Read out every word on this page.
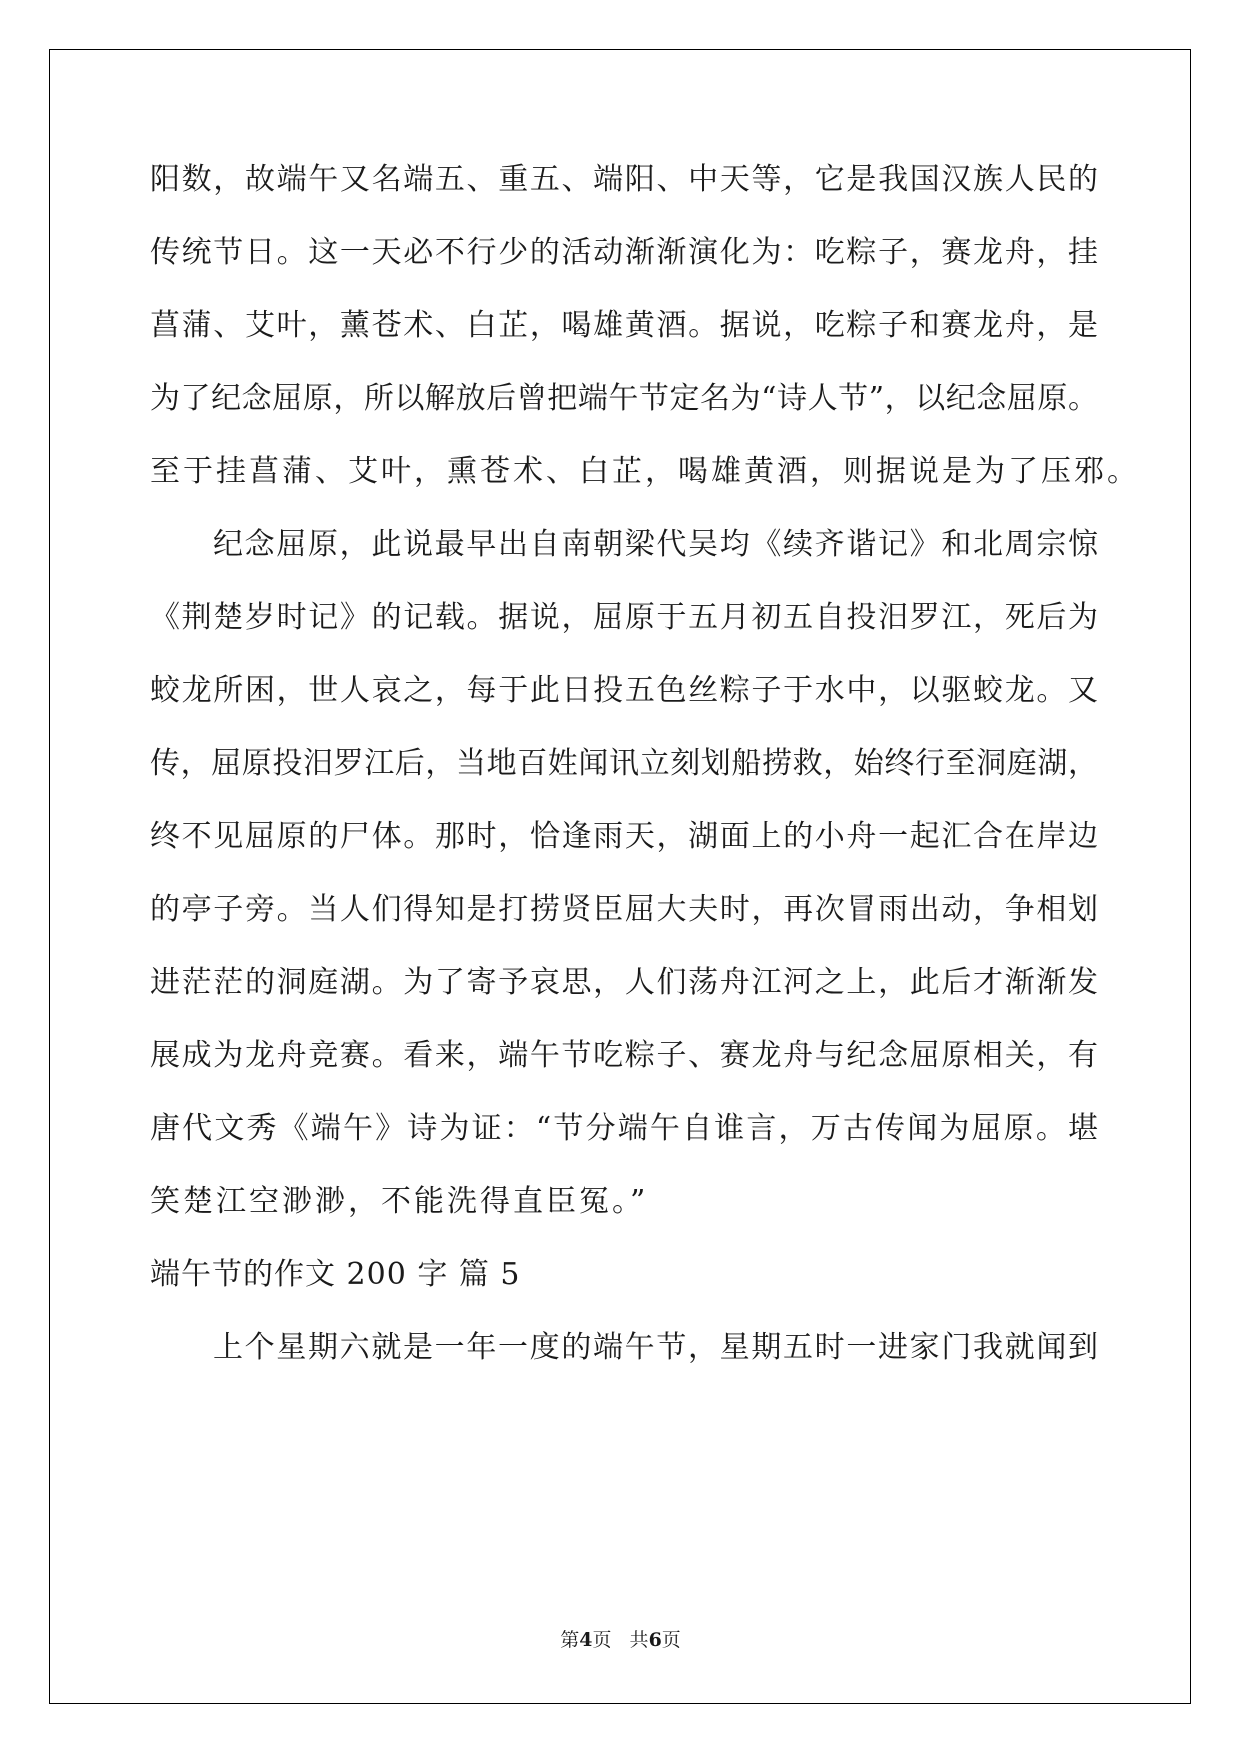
阳数，故端午又名端五、重五、端阳、中天等，它是我国汉族人民的
传统节日。这一天必不行少的活动渐渐演化为：吃粽子，赛龙舟，挂
菖蒲、艾叶，薰苍术、白芷，喝雄黄酒。据说，吃粽子和赛龙舟，是
为了纪念屈原，所以解放后曾把端午节定名为“诗人节”，以纪念屈原。
至于挂菖蒲、艾叶，熏苍术、白芷，喝雄黄酒，则据说是为了压邪。
纪念屈原，此说最早出自南朝梁代吴均《续齐谐记》和北周宗惊
《荆楚岁时记》的记载。据说，屈原于五月初五自投汨罗江，死后为
蛟龙所困，世人哀之，每于此日投五色丝粽子于水中，以驱蛟龙。又
传，屈原投汨罗江后，当地百姓闻讯立刻划船捞救，始终行至洞庭湖，
终不见屈原的尸体。那时，恰逢雨天，湖面上的小舟一起汇合在岸边
的亭子旁。当人们得知是打捞贤臣屈大夫时，再次冒雨出动，争相划
进茫茫的洞庭湖。为了寄予哀思，人们荡舟江河之上，此后才渐渐发
展成为龙舟竞赛。看来，端午节吃粽子、赛龙舟与纪念屈原相关，有
唐代文秀《端午》诗为证：“节分端午自谁言，万古传闻为屈原。堪
笑楚江空渺渺，不能洗得直臣冤。”
端午节的作文 200 字 篇 5
上个星期六就是一年一度的端午节，星期五时一进家门我就闻到
第4页   共6页
